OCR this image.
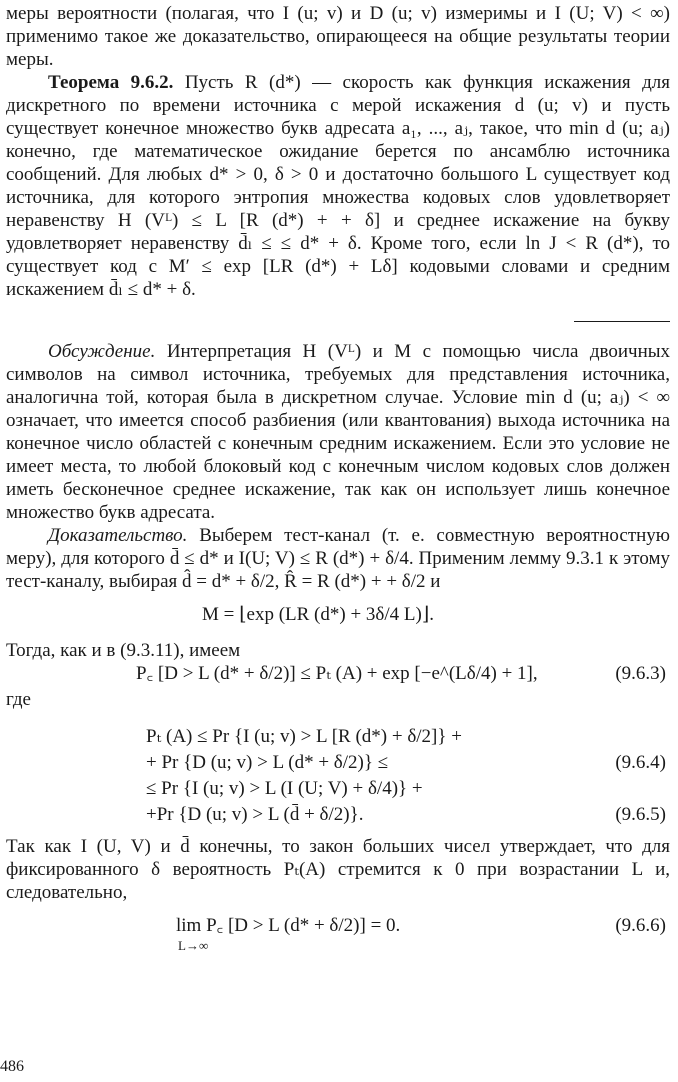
меры вероятности (полагая, что I (u; v) и D (u; v) измеримы и I (U; V) < ∞) применимо такое же доказательство, опирающееся на общие результаты теории меры.

Теорема 9.6.2. Пусть R (d*) — скорость как функция искажения для дискретного по времени источника с мерой искажения d (u; v) и пусть существует конечное множество букв адресата a₁, ..., aⱼ, такое, что min d (u; aⱼ) конечно, где математическое ожидание берется по ансамблю источника сообщений. Для любых d* > 0, δ > 0 и достаточно большого L существует код источника, для которого энтропия множества кодовых слов удовлетворяет неравенству H (Vᴸ) ≤ L [R (d*) + + δ] и среднее искажение на букву удовлетворяет неравенству d̄ₗ ≤ ≤ d* + δ. Кроме того, если ln J < R (d*), то существует код с M′ ≤ exp [LR (d*) + Lδ] кодовыми словами и средним искажением d̄ₗ ≤ d* + δ.

Обсуждение. Интерпретация H (Vᴸ) и M с помощью числа двоичных символов на символ источника, требуемых для представления источника, аналогична той, которая была в дискретном случае. Условие min d (u; aⱼ) < ∞ означает, что имеется способ разбиения (или квантования) выхода источника на конечное число областей с конечным средним искажением. Если это условие не имеет места, то любой блоковый код с конечным числом кодовых слов должен иметь бесконечное среднее искажение, так как он использует лишь конечное множество букв адресата.

Доказательство. Выберем тест-канал (т. е. совместную вероятностную меру), для которого d̄ ≤ d* и I(U; V) ≤ R (d*) + δ/4. Применим лемму 9.3.1 к этому тест-каналу, выбирая d̂ = d* + δ/2, R̂ = R (d*) + + δ/2 и

M = ⌊exp (LR (d*) + 3δ/4 L)⌋.

Тогда, как и в (9.3.11), имеем

P꜀ [D > L (d* + δ/2)] ≤ Pₜ (A) + exp [−e^(Lδ/4) + 1],	(9.6.3)

где

Pₜ (A) ≤ Pr {I (u; v) > L [R (d*) + δ/2]} +
+ Pr {D (u; v) > L (d* + δ/2)} ≤	(9.6.4)
≤ Pr {I (u; v) > L (I (U; V) + δ/4)} +
+Pr {D (u; v) > L (d̄ + δ/2)}.	(9.6.5)

Так как I (U, V) и d̄ конечны, то закон больших чисел утверждает, что для фиксированного δ вероятность Pₜ(A) стремится к 0 при возрастании L и, следовательно,

lim P꜀ [D > L (d* + δ/2)] = 0.
L→∞
(9.6.6)
486
